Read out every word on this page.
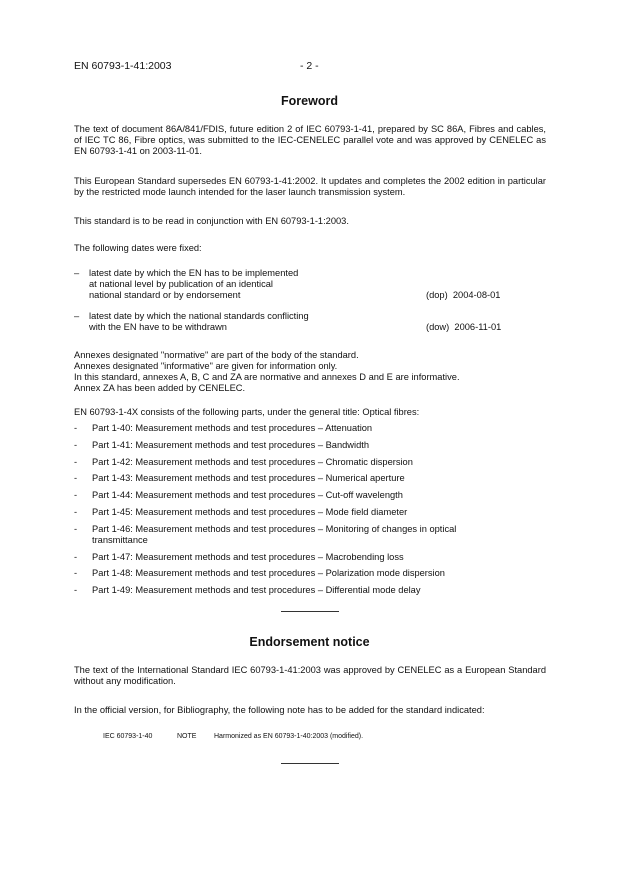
EN 60793-1-41:2003	- 2 -
Foreword
The text of document 86A/841/FDIS, future edition 2 of IEC 60793-1-41, prepared by SC 86A, Fibres and cables, of IEC TC 86, Fibre optics, was submitted to the IEC-CENELEC parallel vote and was approved by CENELEC as EN 60793-1-41 on 2003-11-01.
This European Standard supersedes EN 60793-1-41:2002. It updates and completes the 2002 edition in particular by the restricted mode launch intended for the laser launch transmission system.
This standard is to be read in conjunction with EN 60793-1-1:2003.
The following dates were fixed:
– latest date by which the EN has to be implemented
at national level by publication of an identical
national standard or by endorsement	(dop) 2004-08-01
– latest date by which the national standards conflicting
with the EN have to be withdrawn	(dow) 2006-11-01
Annexes designated "normative" are part of the body of the standard.
Annexes designated "informative" are given for information only.
In this standard, annexes A, B, C and ZA are normative and annexes D and E are informative.
Annex ZA has been added by CENELEC.
EN 60793-1-4X consists of the following parts, under the general title: Optical fibres:
- Part 1-40: Measurement methods and test procedures – Attenuation
- Part 1-41: Measurement methods and test procedures – Bandwidth
- Part 1-42: Measurement methods and test procedures – Chromatic dispersion
- Part 1-43: Measurement methods and test procedures – Numerical aperture
- Part 1-44: Measurement methods and test procedures – Cut-off wavelength
- Part 1-45: Measurement methods and test procedures – Mode field diameter
- Part 1-46: Measurement methods and test procedures – Monitoring of changes in optical transmittance
- Part 1-47: Measurement methods and test procedures – Macrobending loss
- Part 1-48: Measurement methods and test procedures – Polarization mode dispersion
- Part 1-49: Measurement methods and test procedures – Differential mode delay
Endorsement notice
The text of the International Standard IEC 60793-1-41:2003 was approved by CENELEC as a European Standard without any modification.
In the official version, for Bibliography, the following note has to be added for the standard indicated:
IEC 60793-1-40	NOTE	Harmonized as EN 60793-1-40:2003 (modified).
